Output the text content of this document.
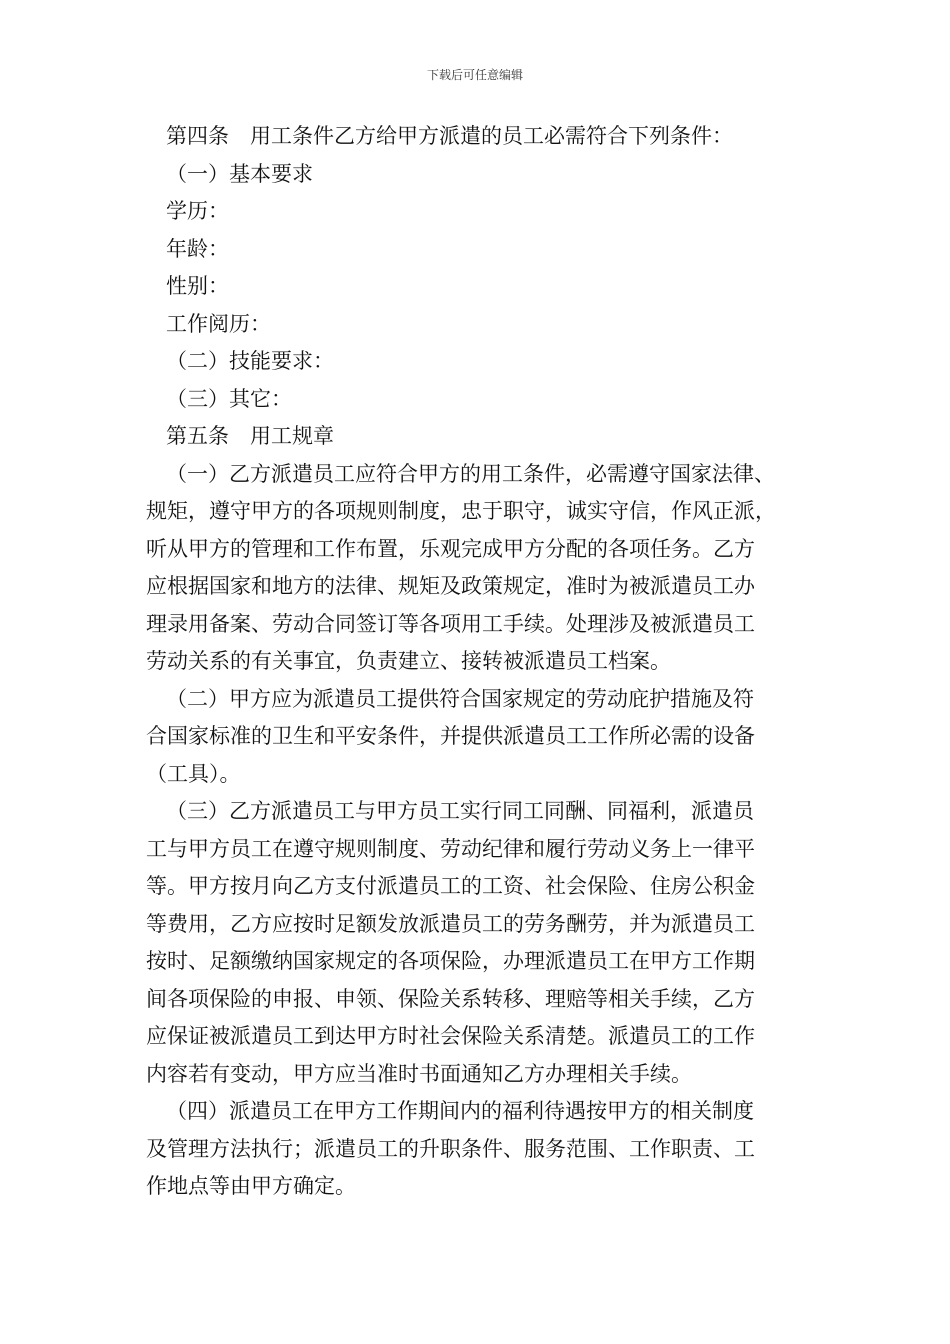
下载后可任意编辑
第四条　用工条件乙方给甲方派遣的员工必需符合下列条件：
（一）基本要求
学历：
年龄：
性别：
工作阅历：
（二）技能要求：
（三）其它：
第五条　用工规章
（一）乙方派遣员工应符合甲方的用工条件，必需遵守国家法律、
规矩，遵守甲方的各项规则制度，忠于职守，诚实守信，作风正派，
听从甲方的管理和工作布置，乐观完成甲方分配的各项任务。乙方
应根据国家和地方的法律、规矩及政策规定，准时为被派遣员工办
理录用备案、劳动合同签订等各项用工手续。处理涉及被派遣员工
劳动关系的有关事宜，负责建立、接转被派遣员工档案。
（二）甲方应为派遣员工提供符合国家规定的劳动庇护措施及符
合国家标准的卫生和平安条件，并提供派遣员工工作所必需的设备
（工具）。
（三）乙方派遣员工与甲方员工实行同工同酬、同福利，派遣员
工与甲方员工在遵守规则制度、劳动纪律和履行劳动义务上一律平
等。甲方按月向乙方支付派遣员工的工资、社会保险、住房公积金
等费用，乙方应按时足额发放派遣员工的劳务酬劳，并为派遣员工
按时、足额缴纳国家规定的各项保险，办理派遣员工在甲方工作期
间各项保险的申报、申领、保险关系转移、理赔等相关手续，乙方
应保证被派遣员工到达甲方时社会保险关系清楚。派遣员工的工作
内容若有变动，甲方应当准时书面通知乙方办理相关手续。
（四）派遣员工在甲方工作期间内的福利待遇按甲方的相关制度
及管理方法执行；派遣员工的升职条件、服务范围、工作职责、工
作地点等由甲方确定。
